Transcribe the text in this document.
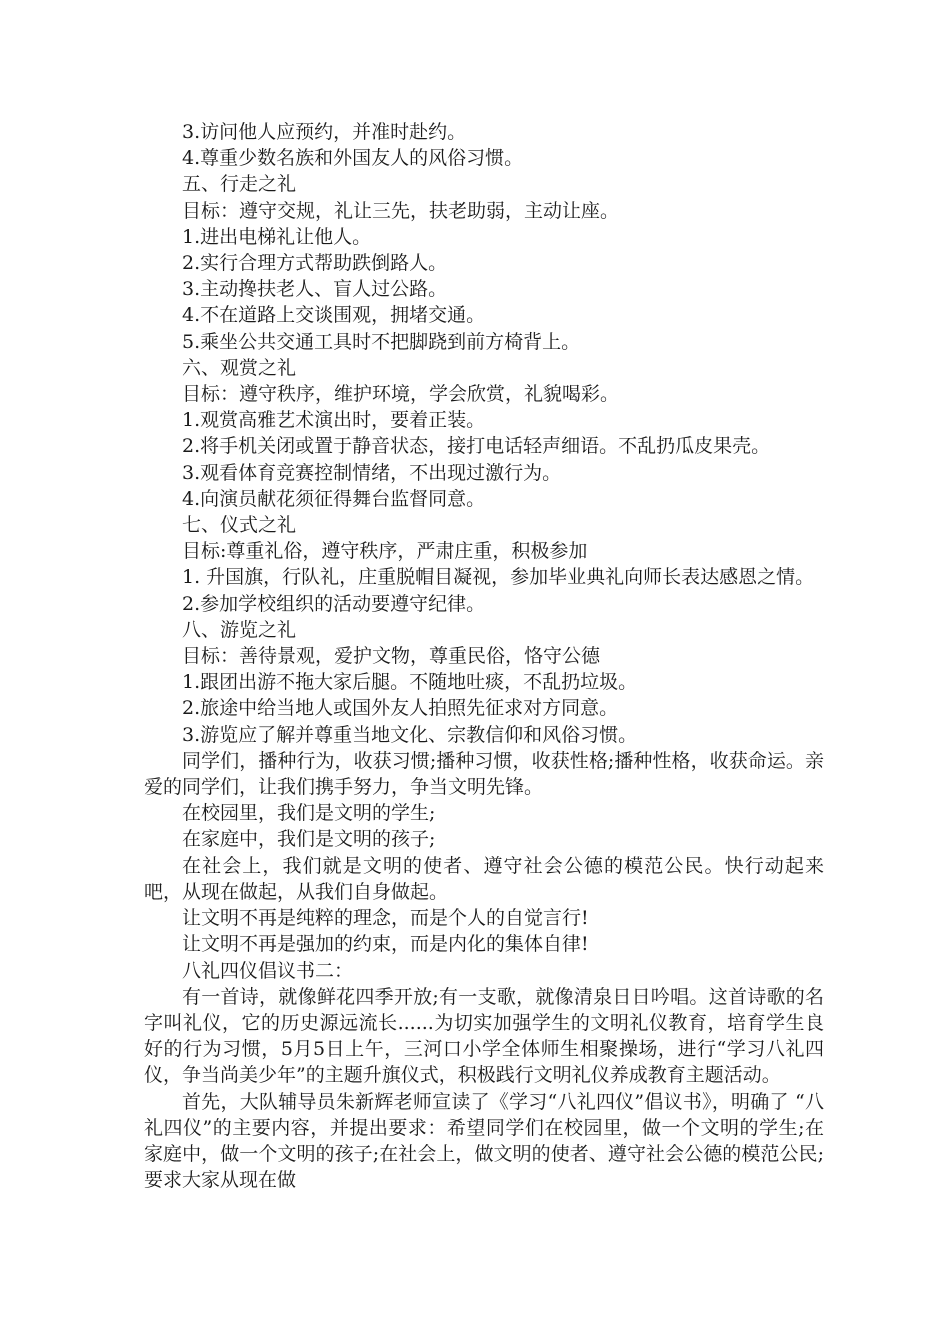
3.访问他人应预约，并准时赴约。

4.尊重少数名族和外国友人的风俗习惯。

五、行走之礼

目标：遵守交规，礼让三先，扶老助弱，主动让座。

1.进出电梯礼让他人。

2.实行合理方式帮助跌倒路人。

3.主动搀扶老人、盲人过公路。

4.不在道路上交谈围观，拥堵交通。

5.乘坐公共交通工具时不把脚跷到前方椅背上。

六、观赏之礼

目标：遵守秩序，维护环境，学会欣赏，礼貌喝彩。

1.观赏高雅艺术演出时，要着正装。

2.将手机关闭或置于静音状态，接打电话轻声细语。不乱扔瓜皮果壳。

3.观看体育竞赛控制情绪，不出现过激行为。

4.向演员献花须征得舞台监督同意。

七、仪式之礼

目标:尊重礼俗，遵守秩序，严肃庄重，积极参加

1. 升国旗，行队礼，庄重脱帽目凝视，参加毕业典礼向师长表达感恩之情。

2.参加学校组织的活动要遵守纪律。

八、游览之礼

目标：善待景观，爱护文物，尊重民俗，恪守公德

1.跟团出游不拖大家后腿。不随地吐痰，不乱扔垃圾。

2.旅途中给当地人或国外友人拍照先征求对方同意。

3.游览应了解并尊重当地文化、宗教信仰和风俗习惯。

同学们，播种行为，收获习惯;播种习惯，收获性格;播种性格，收获命运。亲爱的同学们，让我们携手努力，争当文明先锋。

在校园里，我们是文明的学生;

在家庭中，我们是文明的孩子;

在社会上，我们就是文明的使者、遵守社会公德的模范公民。快行动起来吧，从现在做起，从我们自身做起。

让文明不再是纯粹的理念，而是个人的自觉言行!

让文明不再是强加的约束，而是内化的集体自律!

八礼四仪倡议书二：

有一首诗，就像鲜花四季开放;有一支歌，就像清泉日日吟唱。这首诗歌的名字叫礼仪，它的历史源远流长......为切实加强学生的文明礼仪教育，培育学生良好的行为习惯，5月5日上午，三河口小学全体师生相聚操场，进行“学习八礼四仪，争当尚美少年”的主题升旗仪式，积极践行文明礼仪养成教育主题活动。

首先，大队辅导员朱新辉老师宣读了《学习“八礼四仪”倡议书》，明确了 “八礼四仪”的主要内容，并提出要求：希望同学们在校园里，做一个文明的学生;在家庭中，做一个文明的孩子;在社会上，做文明的使者、遵守社会公德的模范公民;要求大家从现在做
